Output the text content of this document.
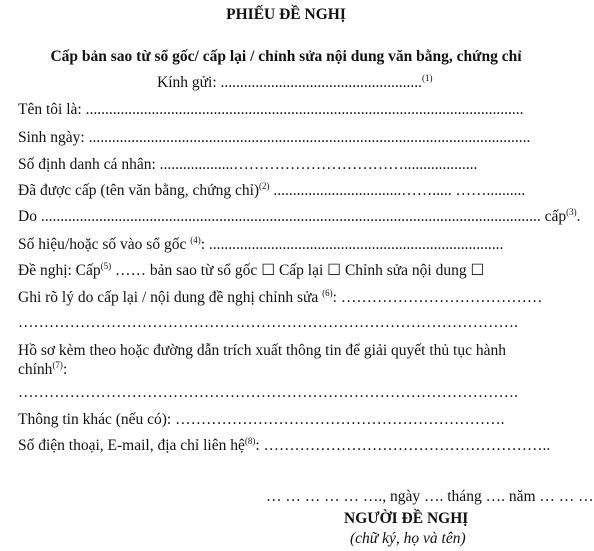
PHIẾU ĐỀ NGHỊ
Cấp bản sao từ sổ gốc/ cấp lại / chỉnh sửa nội dung văn bằng, chứng chỉ
Kính gửi: ....................................................$^{(1)}$
Tên tôi là: .................................................................................................................
Sinh ngày: ..................................................................................................................
Số định danh cá nhân: ...................……………………………...................
Đã được cấp (tên văn bằng, chứng chỉ)$^{(2)}$ .................................……..... ……..........
Do ................................................................................................................................. cấp$^{(3)}$.
Số hiệu/hoặc số vào sổ gốc $^{(4)}$: ............................................................................
Đề nghị: Cấp$^{(5)}$ …… bản sao từ sổ gốc ☐ Cấp lại ☐ Chỉnh sửa nội dung ☐
Ghi rõ lý do cấp lại / nội dung đề nghị chỉnh sửa $^{(6)}$: …………………………………
…………………………………………………………………………………….
Hồ sơ kèm theo hoặc đường dẫn trích xuất thông tin để giải quyết thủ tục hành
chính$^{(7)}$:
…………………………………………………………………………………….
Thông tin khác (nếu có): ……………………………………………………….
Số điện thoại, E-mail, địa chỉ liên hệ$^{(8)}$: ………………………………………………..
… … … … … …., ngày …. tháng …. năm … … …
NGƯỜI ĐỀ NGHỊ
(chữ ký, họ và tên)
